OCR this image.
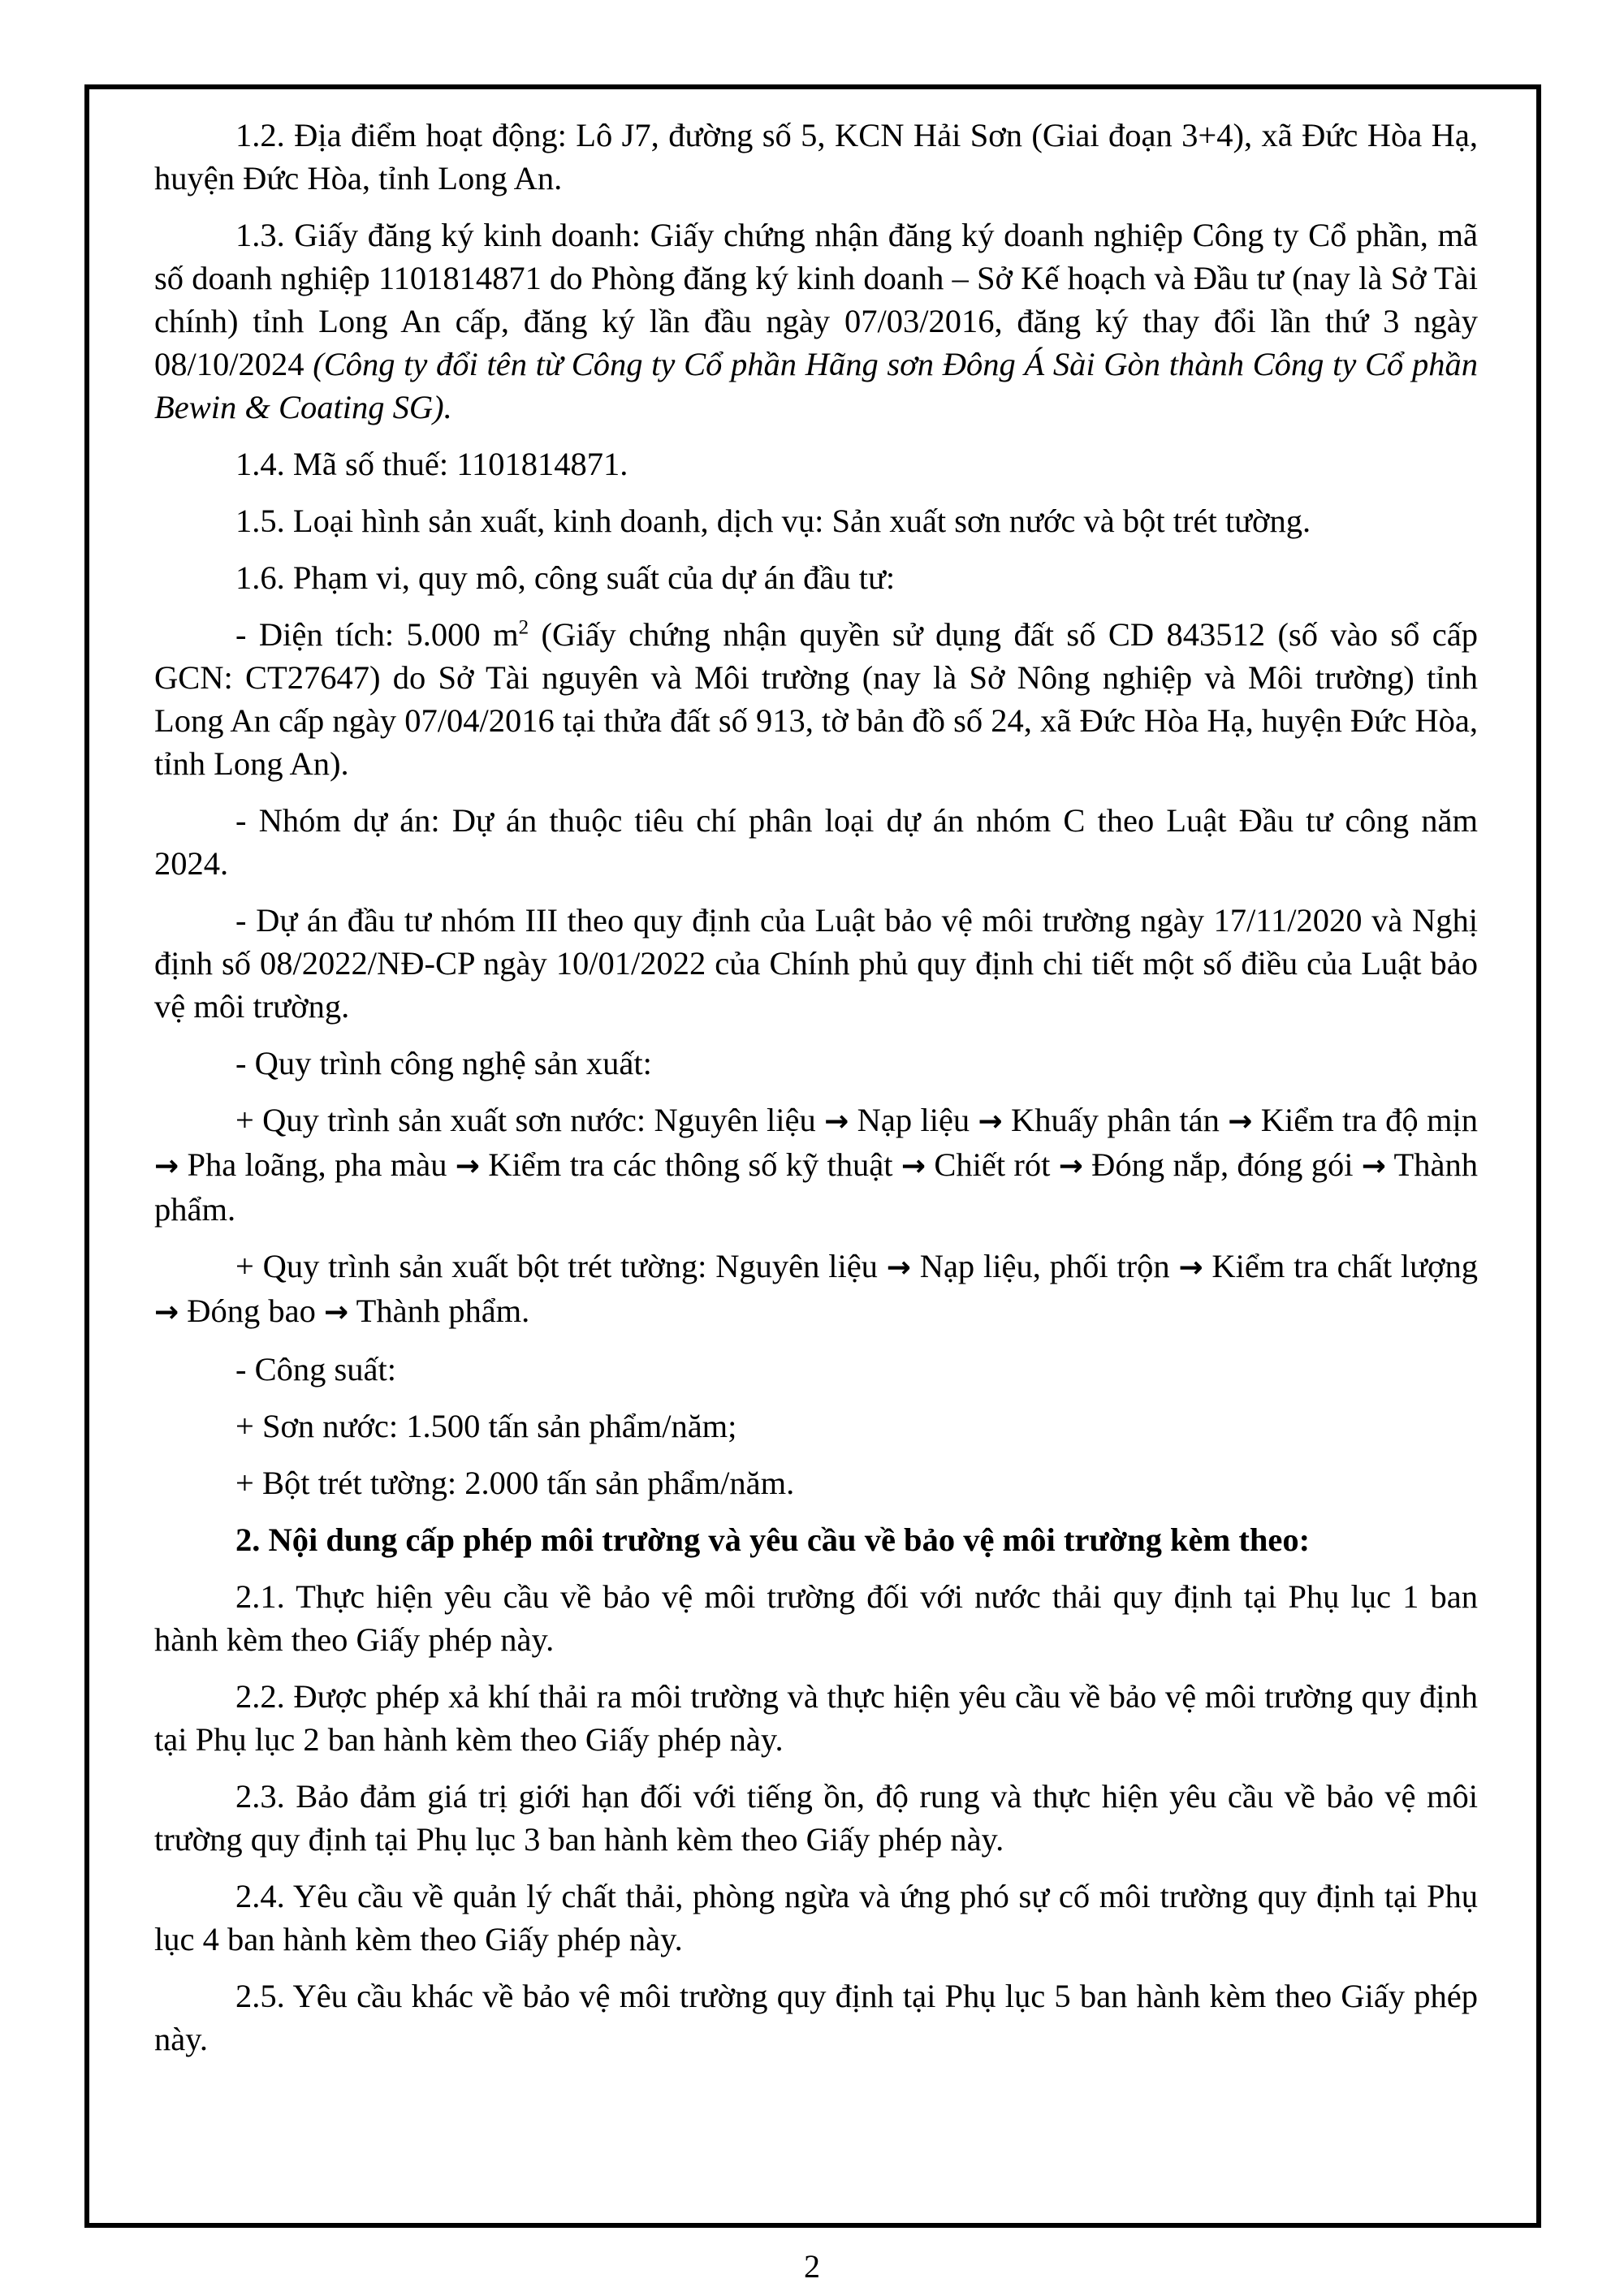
1.2. Địa điểm hoạt động: Lô J7, đường số 5, KCN Hải Sơn (Giai đoạn 3+4), xã Đức Hòa Hạ, huyện Đức Hòa, tỉnh Long An.

1.3. Giấy đăng ký kinh doanh: Giấy chứng nhận đăng ký doanh nghiệp Công ty Cổ phần, mã số doanh nghiệp 1101814871 do Phòng đăng ký kinh doanh – Sở Kế hoạch và Đầu tư (nay là Sở Tài chính) tỉnh Long An cấp, đăng ký lần đầu ngày 07/03/2016, đăng ký thay đổi lần thứ 3 ngày 08/10/2024 (Công ty đổi tên từ Công ty Cổ phần Hãng sơn Đông Á Sài Gòn thành Công ty Cổ phần Bewin & Coating SG).

1.4. Mã số thuế: 1101814871.

1.5. Loại hình sản xuất, kinh doanh, dịch vụ: Sản xuất sơn nước và bột trét tường.

1.6. Phạm vi, quy mô, công suất của dự án đầu tư:

- Diện tích: 5.000 $m^2$ (Giấy chứng nhận quyền sử dụng đất số CD 843512 (số vào sổ cấp GCN: CT27647) do Sở Tài nguyên và Môi trường (nay là Sở Nông nghiệp và Môi trường) tỉnh Long An cấp ngày 07/04/2016 tại thửa đất số 913, tờ bản đồ số 24, xã Đức Hòa Hạ, huyện Đức Hòa, tỉnh Long An).

- Nhóm dự án: Dự án thuộc tiêu chí phân loại dự án nhóm C theo Luật Đầu tư công năm 2024.

- Dự án đầu tư nhóm III theo quy định của Luật bảo vệ môi trường ngày 17/11/2020 và Nghị định số 08/2022/NĐ-CP ngày 10/01/2022 của Chính phủ quy định chi tiết một số điều của Luật bảo vệ môi trường.

- Quy trình công nghệ sản xuất:

+ Quy trình sản xuất sơn nước: Nguyên liệu → Nạp liệu → Khuấy phân tán → Kiểm tra độ mịn → Pha loãng, pha màu → Kiểm tra các thông số kỹ thuật → Chiết rót → Đóng nắp, đóng gói → Thành phẩm.

+ Quy trình sản xuất bột trét tường: Nguyên liệu → Nạp liệu, phối trộn → Kiểm tra chất lượng → Đóng bao → Thành phẩm.

- Công suất:

+ Sơn nước: 1.500 tấn sản phẩm/năm;

+ Bột trét tường: 2.000 tấn sản phẩm/năm.

2. Nội dung cấp phép môi trường và yêu cầu về bảo vệ môi trường kèm theo:

2.1. Thực hiện yêu cầu về bảo vệ môi trường đối với nước thải quy định tại Phụ lục 1 ban hành kèm theo Giấy phép này.

2.2. Được phép xả khí thải ra môi trường và thực hiện yêu cầu về bảo vệ môi trường quy định tại Phụ lục 2 ban hành kèm theo Giấy phép này.

2.3. Bảo đảm giá trị giới hạn đối với tiếng ồn, độ rung và thực hiện yêu cầu về bảo vệ môi trường quy định tại Phụ lục 3 ban hành kèm theo Giấy phép này.

2.4. Yêu cầu về quản lý chất thải, phòng ngừa và ứng phó sự cố môi trường quy định tại Phụ lục 4 ban hành kèm theo Giấy phép này.

2.5. Yêu cầu khác về bảo vệ môi trường quy định tại Phụ lục 5 ban hành kèm theo Giấy phép này.

2
